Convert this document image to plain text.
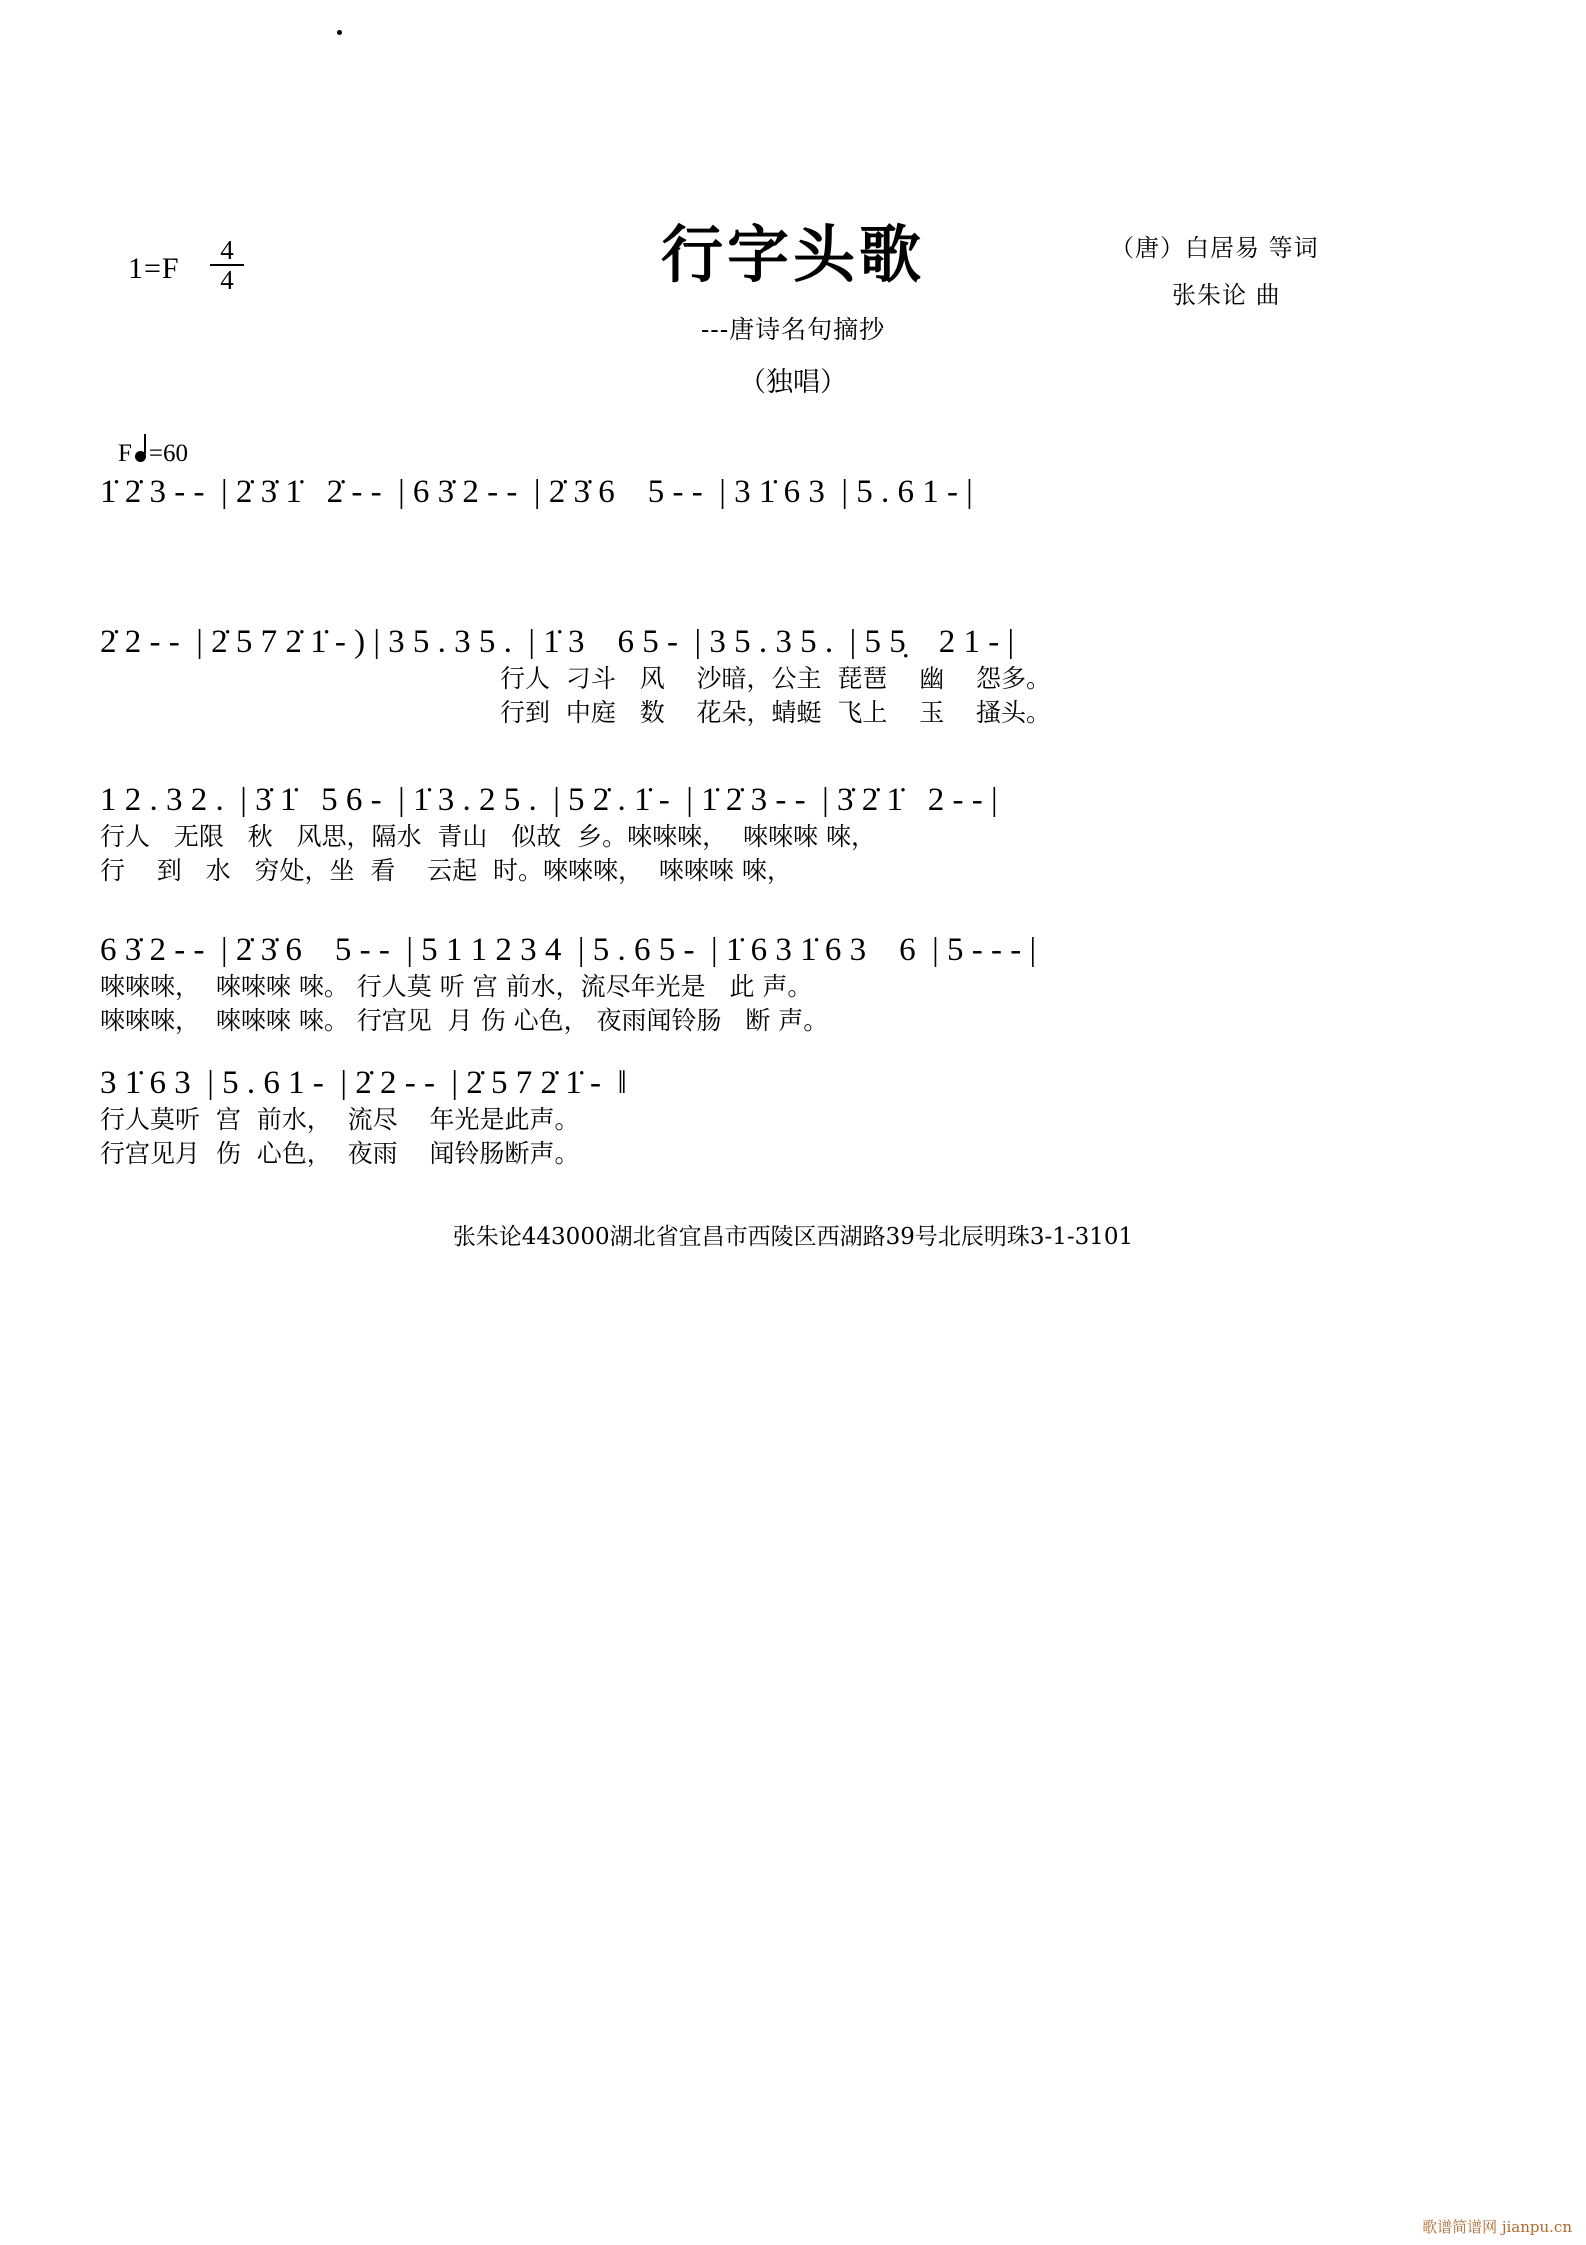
$1=F \frac{4}{4}$	行字头歌
---唐诗名句摘抄
（独唱）
（唐）白居易 等词
张朱论 曲
F =60
1̇ 2̇ 3 - -  | 2̇ 3̇ 1̇   2̇ - -  | 6 3̇ 2 - -  | 2̇ 3̇ 6    5 - -  | 3 1̇ 6 3  | 5 . 6 1 - |
2̇ 2 - -  | 2̇ 5 7 2̇ 1̇ - ) | 3 5 . 3 5 .  | 1̇ 3    6 5 -  | 3 5 . 3 5 .  | 5 5̣    2 1 - |
行人  刁斗   风    沙暗，公主  琵琶    幽    怨多。
行到  中庭   数    花朵，蜻蜓  飞上    玉    搔头。
1 2 . 3 2 .  | 3̇ 1̇   5 6 -  | 1̇ 3 . 2 5 .  | 5 2̇ . 1̇ -  | 1̇ 2̇ 3 - -  | 3̇ 2̇ 1̇   2 - - |
行人   无限   秋   风思，隔水  青山   似故  乡。唻唻唻，  唻唻唻 唻，
行    到   水   穷处，坐  看    云起  时。唻唻唻，  唻唻唻 唻，
6 3̇ 2 - -  | 2̇ 3̇ 6    5 - -  | 5 1 1 2 3 4  | 5 . 6 5 -  | 1̇ 6 3 1̇ 6 3    6  | 5 - - - |
唻唻唻，  唻唻唻 唻。 行人莫 听 宫 前水，流尽年光是   此 声。
唻唻唻，  唻唻唻 唻。 行宫见  月 伤 心色， 夜雨闻铃肠   断 声。
3 1̇ 6 3  | 5 . 6 1 -  | 2̇ 2 - -  | 2̇ 5 7 2̇ 1̇ -  ‖
行人莫听  宫  前水，  流尽    年光是此声。
行宫见月  伤  心色，  夜雨    闻铃肠断声。
张朱论443000湖北省宜昌市西陵区西湖路39号北辰明珠3-1-3101
歌谱简谱网 jianpu.cn
